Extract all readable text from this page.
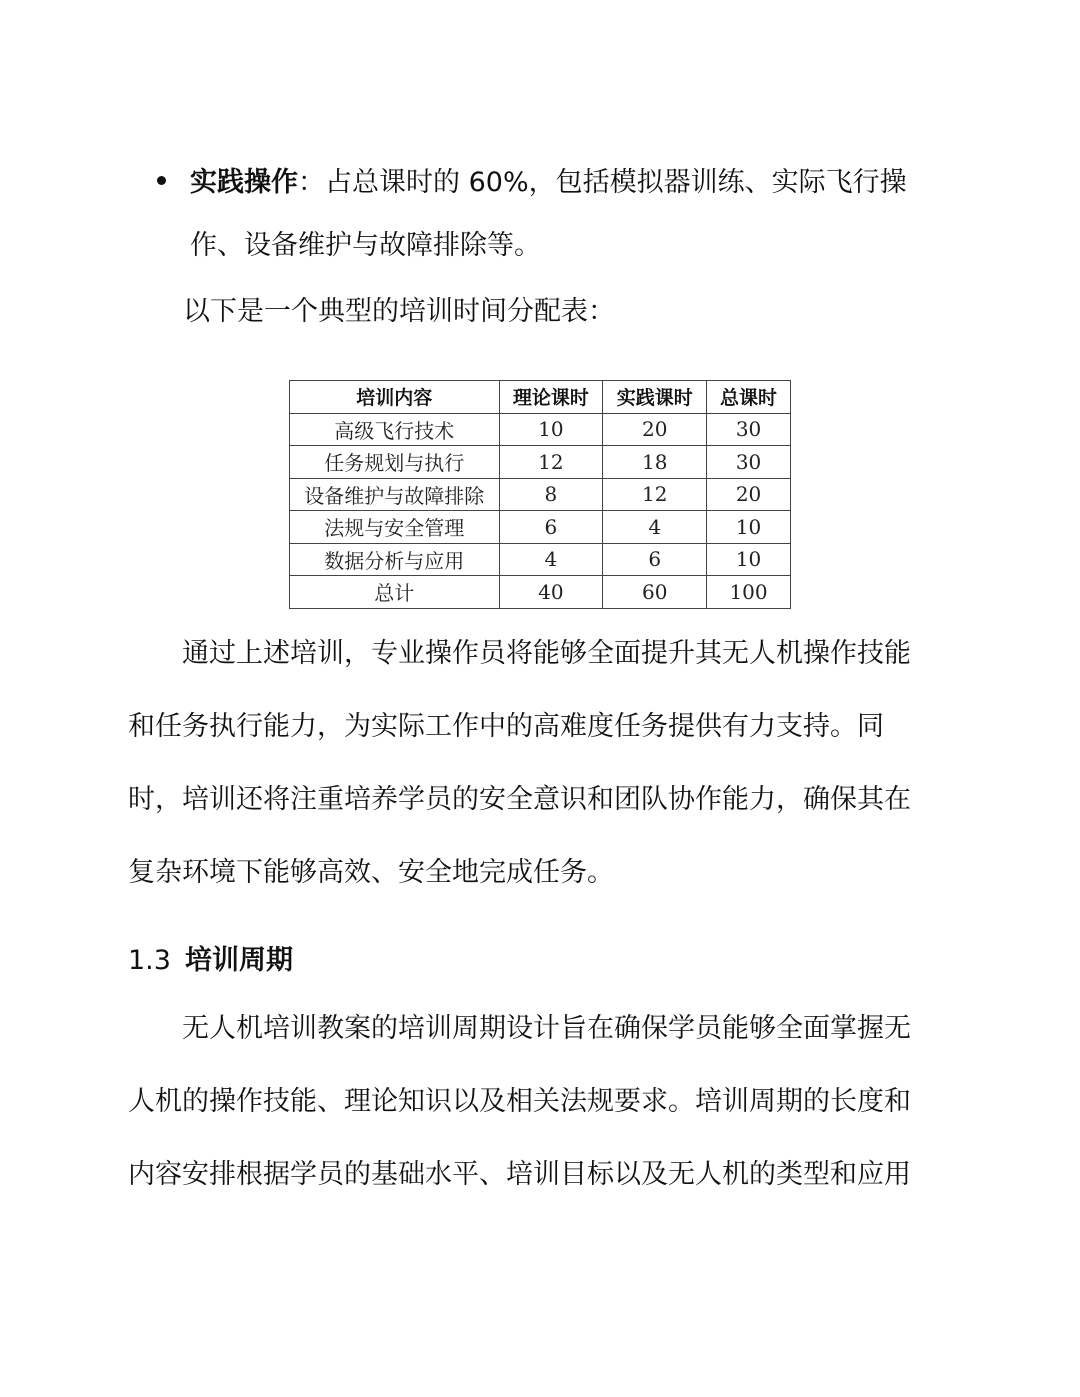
实践操作：占总课时的 60%，包括模拟器训练、实际飞行操
作、设备维护与故障排除等。
以下是一个典型的培训时间分配表：
培训内容	理论课时	实践课时	总课时
高级飞行技术	10	20	30
任务规划与执行	12	18	30
设备维护与故障排除	8	12	20
法规与安全管理	6	4	10
数据分析与应用	4	6	10
总计	40	60	100
　　通过上述培训，专业操作员将能够全面提升其无人机操作技能
和任务执行能力，为实际工作中的高难度任务提供有力支持。同
时，培训还将注重培养学员的安全意识和团队协作能力，确保其在
复杂环境下能够高效、安全地完成任务。
1.3 培训周期
　　无人机培训教案的培训周期设计旨在确保学员能够全面掌握无
人机的操作技能、理论知识以及相关法规要求。培训周期的长度和
内容安排根据学员的基础水平、培训目标以及无人机的类型和应用
